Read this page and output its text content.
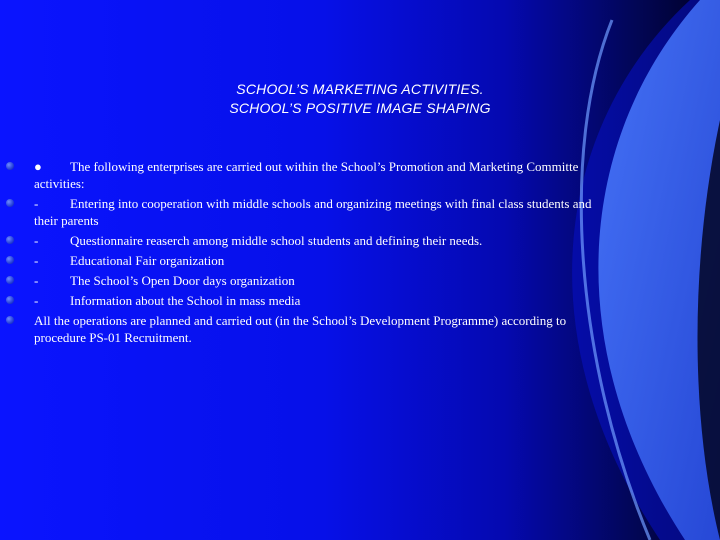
SCHOOL’S MARKETING ACTIVITIES.
SCHOOL’S POSITIVE IMAGE SHAPING
● The following enterprises are carried out within the School’s Promotion and Marketing Committe activities:
- Entering into cooperation with middle schools and organizing meetings with final class students and their parents
- Questionnaire reaserch among middle school students and defining their needs.
- Educational Fair organization
- The School’s Open Door days organization
- Information about the School in mass media
All the operations are planned and carried out (in the School’s Development Programme) according to procedure PS-01 Recruitment.
